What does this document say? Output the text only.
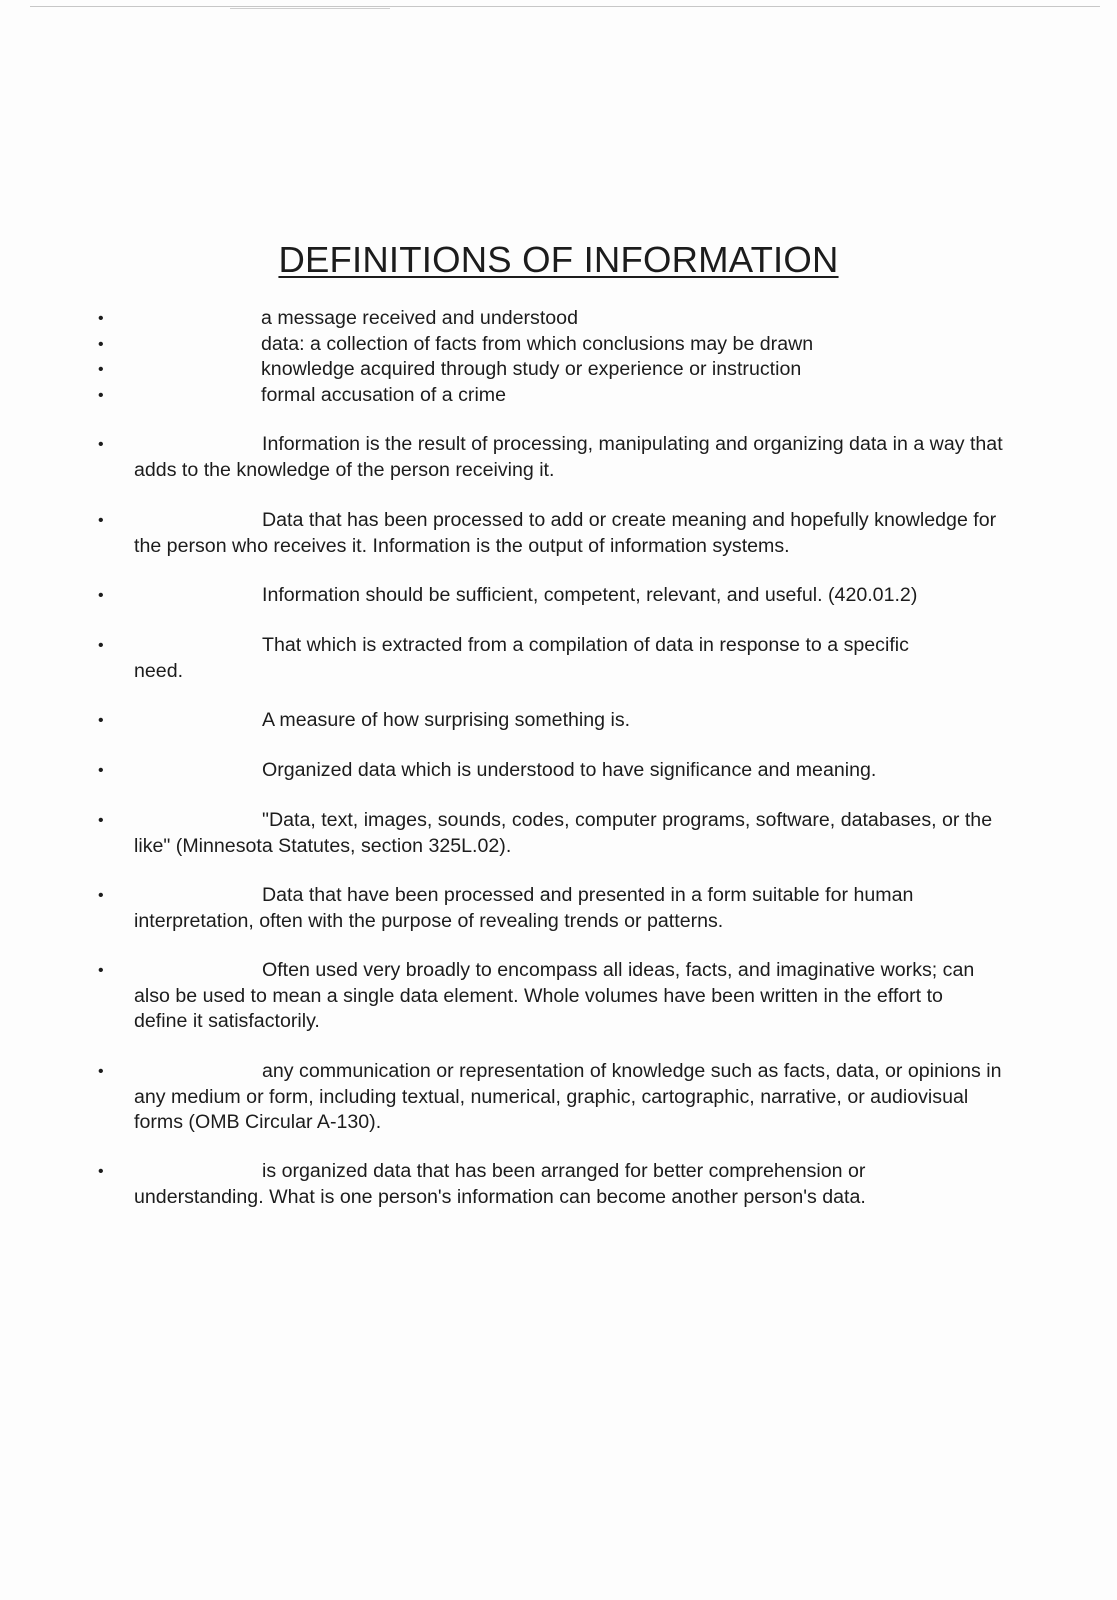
DEFINITIONS OF INFORMATION
•	a message received and understood
•	data: a collection of facts from which conclusions may be drawn
•	knowledge acquired through study or experience or instruction
•	formal accusation of a crime
•	Information is the result of processing, manipulating and organizing data in a way that adds to the knowledge of the person receiving it.

•	Data that has been processed to add or create meaning and hopefully knowledge for the person who receives it. Information is the output of information systems.

•	Information should be sufficient, competent, relevant, and useful. (420.01.2)

•	That which is extracted from a compilation of data in response to a specific need.

•	A measure of how surprising something is.

•	Organized data which is understood to have significance and meaning.

•	"Data, text, images, sounds, codes, computer programs, software, databases, or the like" (Minnesota Statutes, section 325L.02).

•	Data that have been processed and presented in a form suitable for human interpretation, often with the purpose of revealing trends or patterns.

•	Often used very broadly to encompass all ideas, facts, and imaginative works; can also be used to mean a single data element. Whole volumes have been written in the effort to define it satisfactorily.

•	any communication or representation of knowledge such as facts, data, or opinions in any medium or form, including textual, numerical, graphic, cartographic, narrative, or audiovisual forms (OMB Circular A-130).

•	is organized data that has been arranged for better comprehension or understanding. What is one person's information can become another person's data.
